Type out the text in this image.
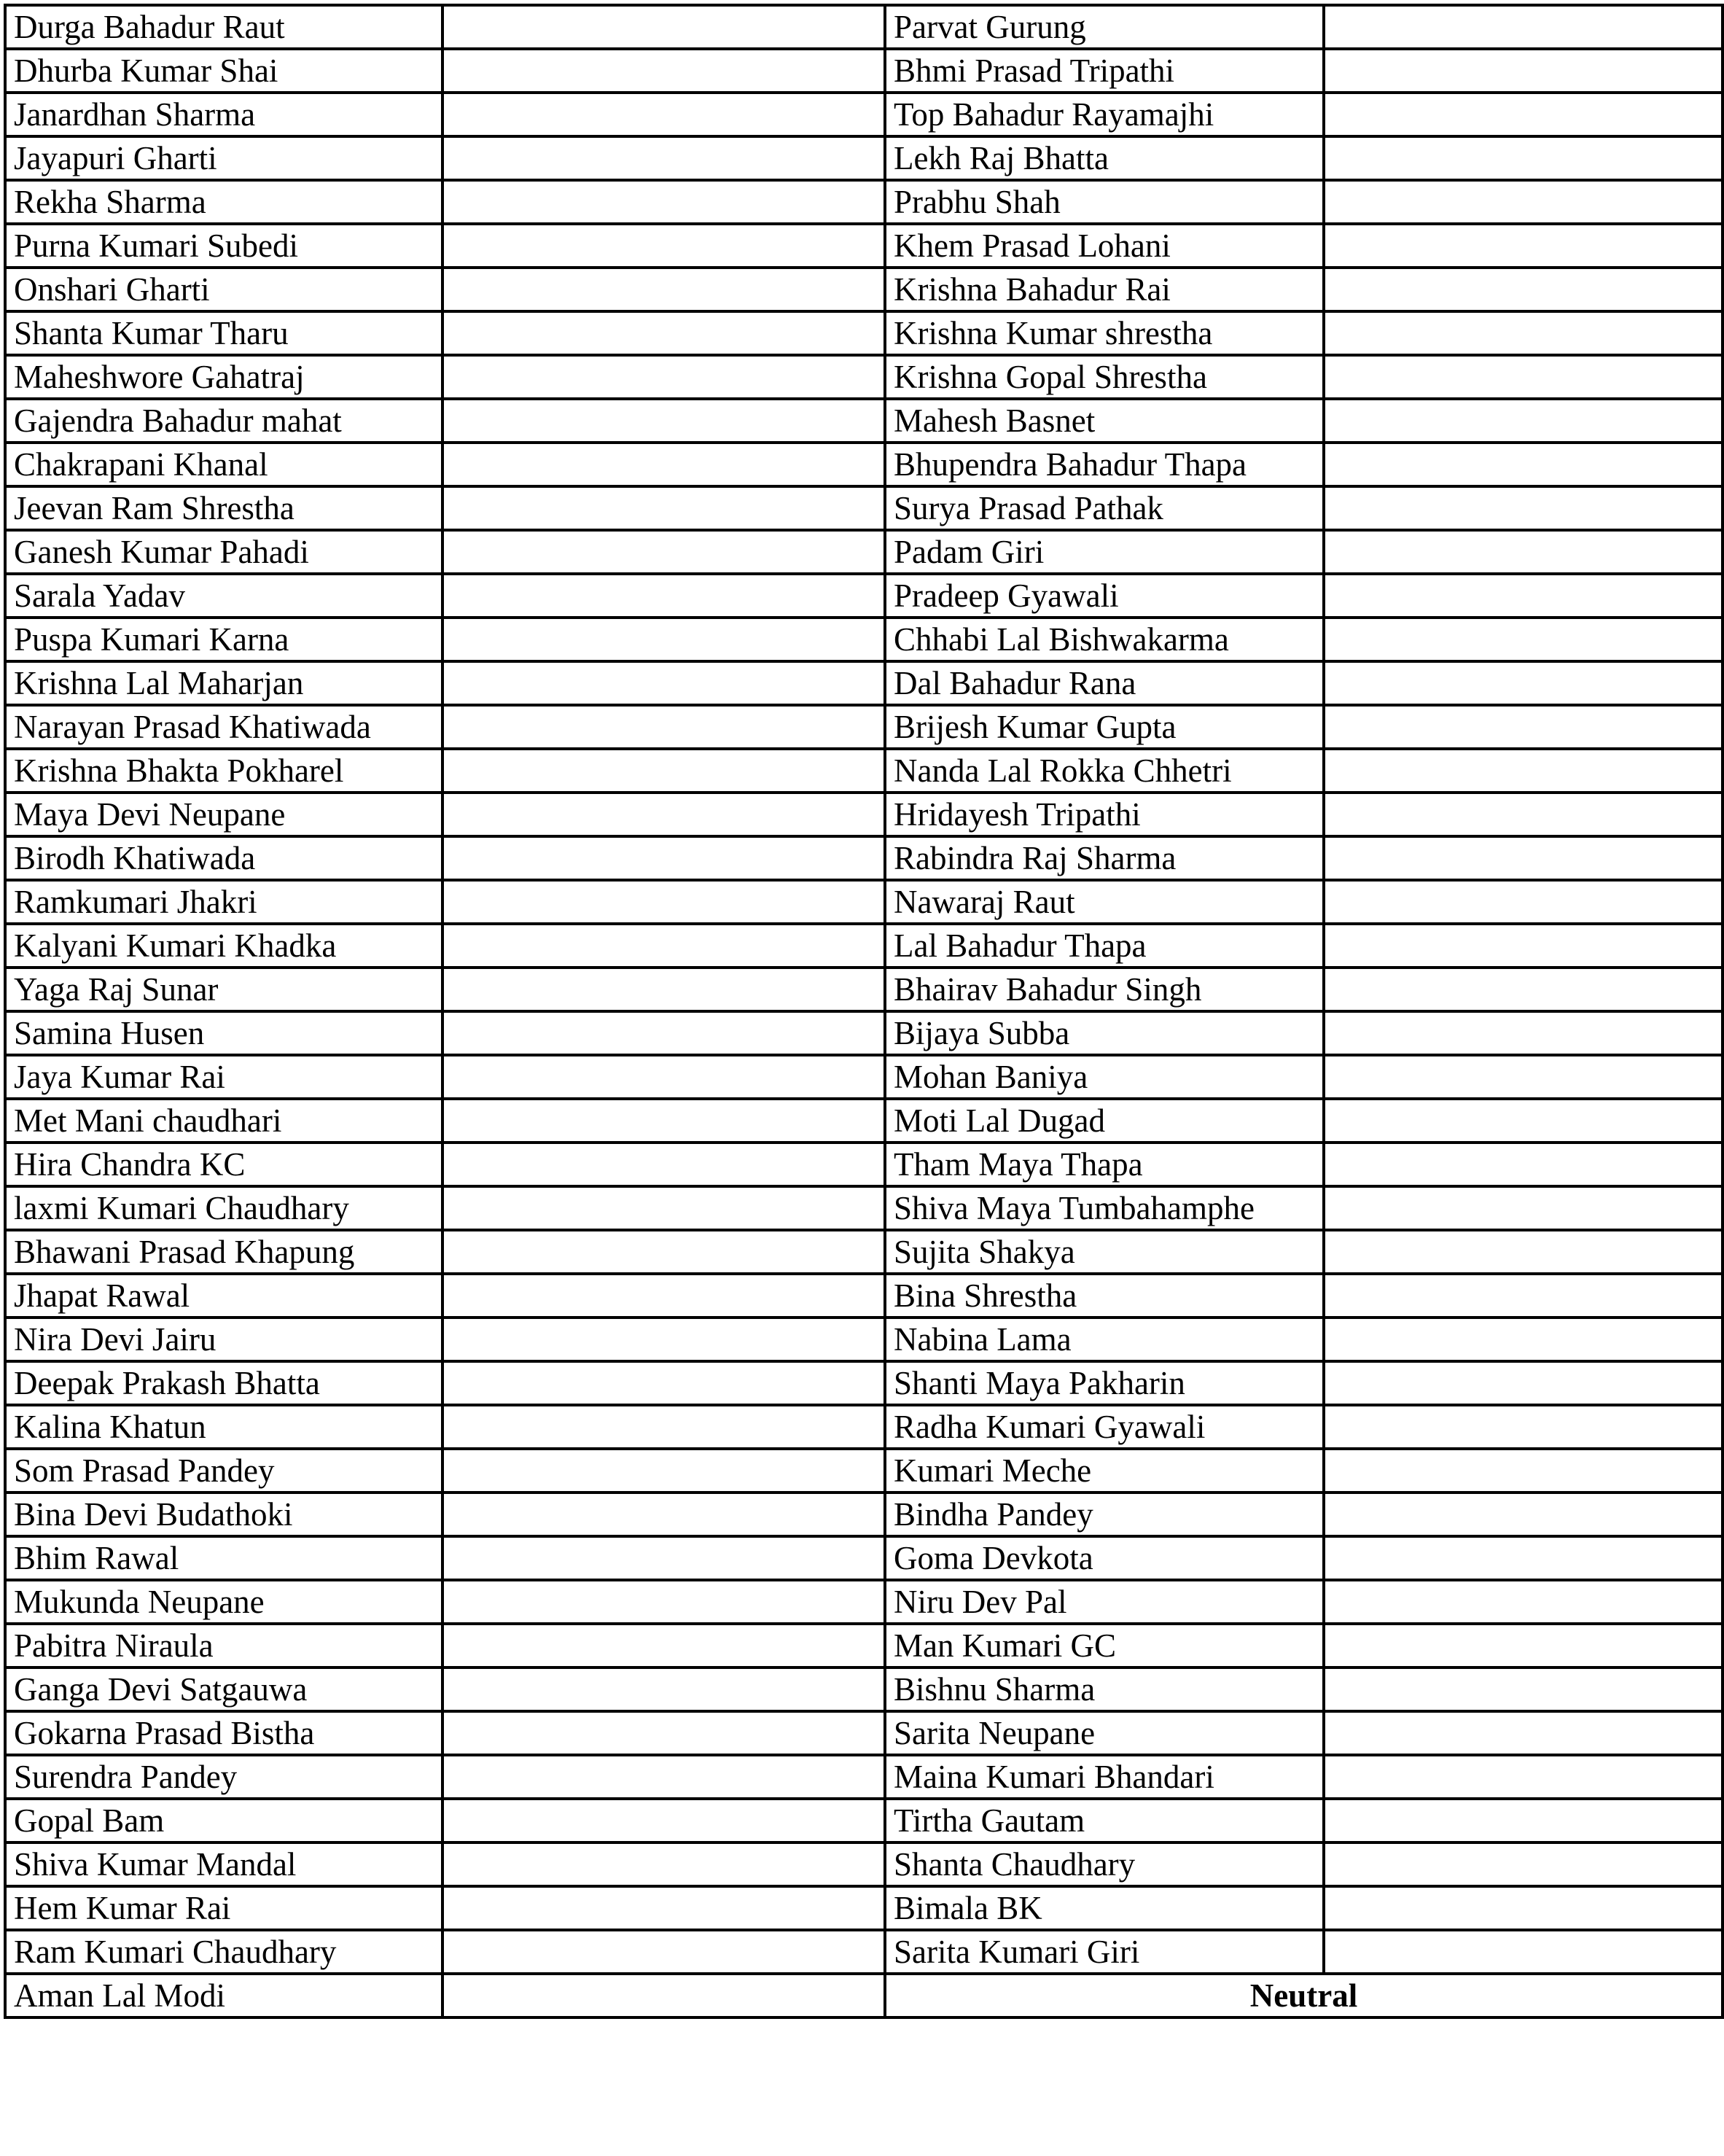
Durga Bahadur Raut		Parvat Gurung	
Dhurba Kumar Shai		Bhmi Prasad Tripathi	
Janardhan Sharma		Top Bahadur Rayamajhi	
Jayapuri Gharti		Lekh Raj Bhatta	
Rekha Sharma		Prabhu Shah	
Purna Kumari Subedi		Khem Prasad Lohani	
Onshari Gharti		Krishna Bahadur Rai	
Shanta Kumar Tharu		Krishna Kumar shrestha	
Maheshwore Gahatraj		Krishna Gopal Shrestha	
Gajendra Bahadur mahat		Mahesh Basnet	
Chakrapani Khanal		Bhupendra Bahadur Thapa	
Jeevan Ram Shrestha		Surya Prasad Pathak	
Ganesh Kumar Pahadi		Padam Giri	
Sarala Yadav		Pradeep Gyawali	
Puspa Kumari Karna		Chhabi Lal Bishwakarma	
Krishna Lal Maharjan		Dal Bahadur Rana	
Narayan Prasad Khatiwada		Brijesh Kumar Gupta	
Krishna Bhakta Pokharel		Nanda Lal Rokka Chhetri	
Maya Devi Neupane		Hridayesh Tripathi	
Birodh Khatiwada		Rabindra Raj Sharma	
Ramkumari Jhakri		Nawaraj Raut	
Kalyani Kumari Khadka		Lal Bahadur Thapa	
Yaga Raj Sunar		Bhairav Bahadur Singh	
Samina Husen		Bijaya Subba	
Jaya Kumar Rai		Mohan Baniya	
Met Mani chaudhari		Moti Lal Dugad	
Hira Chandra KC		Tham Maya Thapa	
laxmi Kumari Chaudhary		Shiva Maya Tumbahamphe	
Bhawani Prasad Khapung		Sujita Shakya	
Jhapat Rawal		Bina Shrestha	
Nira Devi Jairu		Nabina Lama	
Deepak Prakash Bhatta		Shanti Maya Pakharin	
Kalina Khatun		Radha Kumari Gyawali	
Som Prasad Pandey		Kumari Meche	
Bina Devi Budathoki		Bindha Pandey	
Bhim Rawal		Goma Devkota	
Mukunda Neupane		Niru Dev Pal	
Pabitra Niraula		Man Kumari GC	
Ganga Devi Satgauwa		Bishnu Sharma	
Gokarna Prasad Bistha		Sarita Neupane	
Surendra Pandey		Maina Kumari Bhandari	
Gopal Bam		Tirtha Gautam	
Shiva Kumar Mandal		Shanta Chaudhary	
Hem Kumar Rai		Bimala BK	
Ram Kumari Chaudhary		Sarita Kumari Giri	
Aman Lal Modi		Neutral	
